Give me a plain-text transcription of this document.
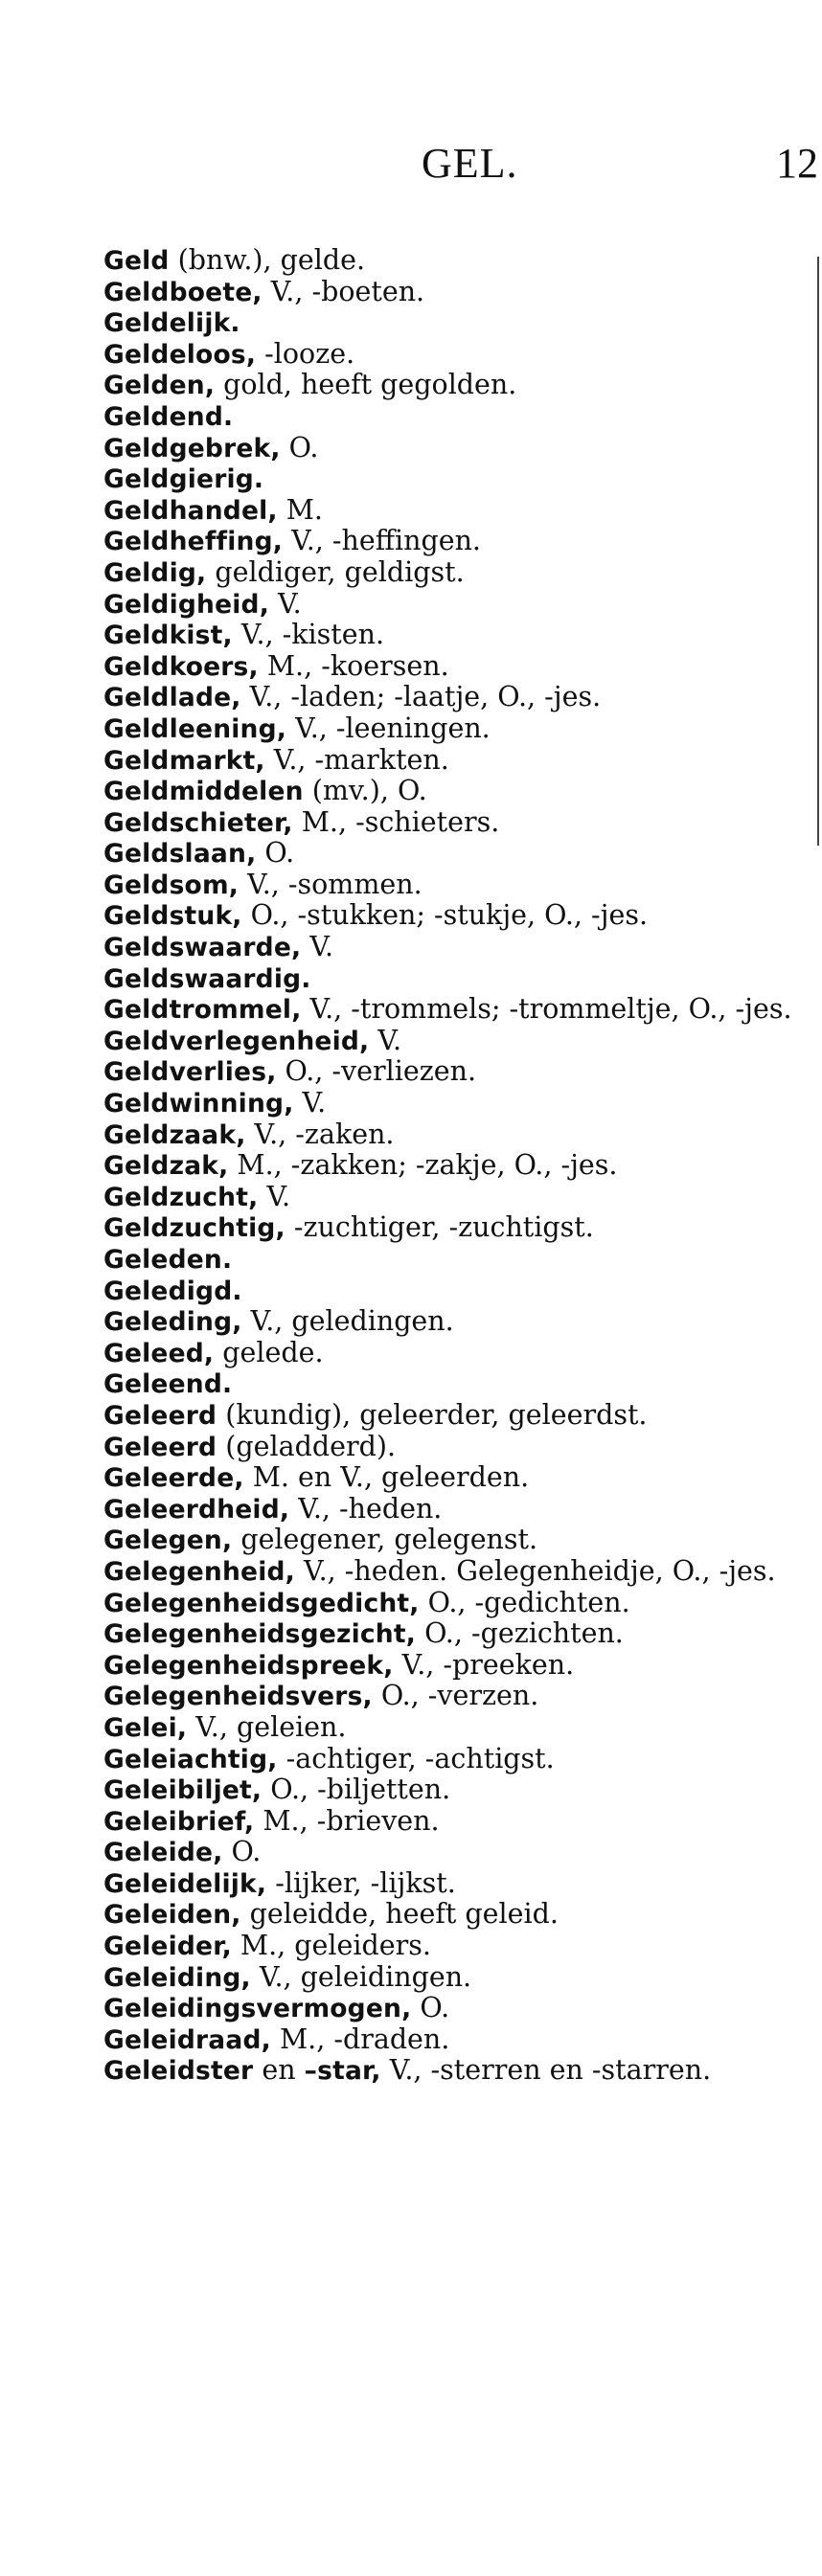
GEL.	12
Geld (bnw.), gelde.
Geldboete, V., -boeten.
Geldelijk.
Geldeloos, -looze.
Gelden, gold, heeft gegolden.
Geldend.
Geldgebrek, O.
Geldgierig.
Geldhandel, M.
Geldheffing, V., -heffingen.
Geldig, geldiger, geldigst.
Geldigheid, V.
Geldkist, V., -kisten.
Geldkoers, M., -koersen.
Geldlade, V., -laden; -laatje, O., -jes.
Geldleening, V., -leeningen.
Geldmarkt, V., -markten.
Geldmiddelen (mv.), O.
Geldschieter, M., -schieters.
Geldslaan, O.
Geldsom, V., -sommen.
Geldstuk, O., -stukken; -stukje, O., -jes.
Geldswaarde, V.
Geldswaardig.
Geldtrommel, V., -trommels; -trommeltje, O., -jes.
Geldverlegenheid, V.
Geldverlies, O., -verliezen.
Geldwinning, V.
Geldzaak, V., -zaken.
Geldzak, M., -zakken; -zakje, O., -jes.
Geldzucht, V.
Geldzuchtig, -zuchtiger, -zuchtigst.
Geleden.
Geledigd.
Geleding, V., geledingen.
Geleed, gelede.
Geleend.
Geleerd (kundig), geleerder, geleerdst.
Geleerd (geladderd).
Geleerde, M. en V., geleerden.
Geleerdheid, V., -heden.
Gelegen, gelegener, gelegenst.
Gelegenheid, V., -heden. Gelegenheidje, O., -jes.
Gelegenheidsgedicht, O., -gedichten.
Gelegenheidsgezicht, O., -gezichten.
Gelegenheidspreek, V., -preeken.
Gelegenheidsvers, O., -verzen.
Gelei, V., geleien.
Geleiachtig, -achtiger, -achtigst.
Geleibiljet, O., -biljetten.
Geleibrief, M., -brieven.
Geleide, O.
Geleidelijk, -lijker, -lijkst.
Geleiden, geleidde, heeft geleid.
Geleider, M., geleiders.
Geleiding, V., geleidingen.
Geleidingsvermogen, O.
Geleidraad, M., -draden.
Geleidster en –star, V., -sterren en -starren.
